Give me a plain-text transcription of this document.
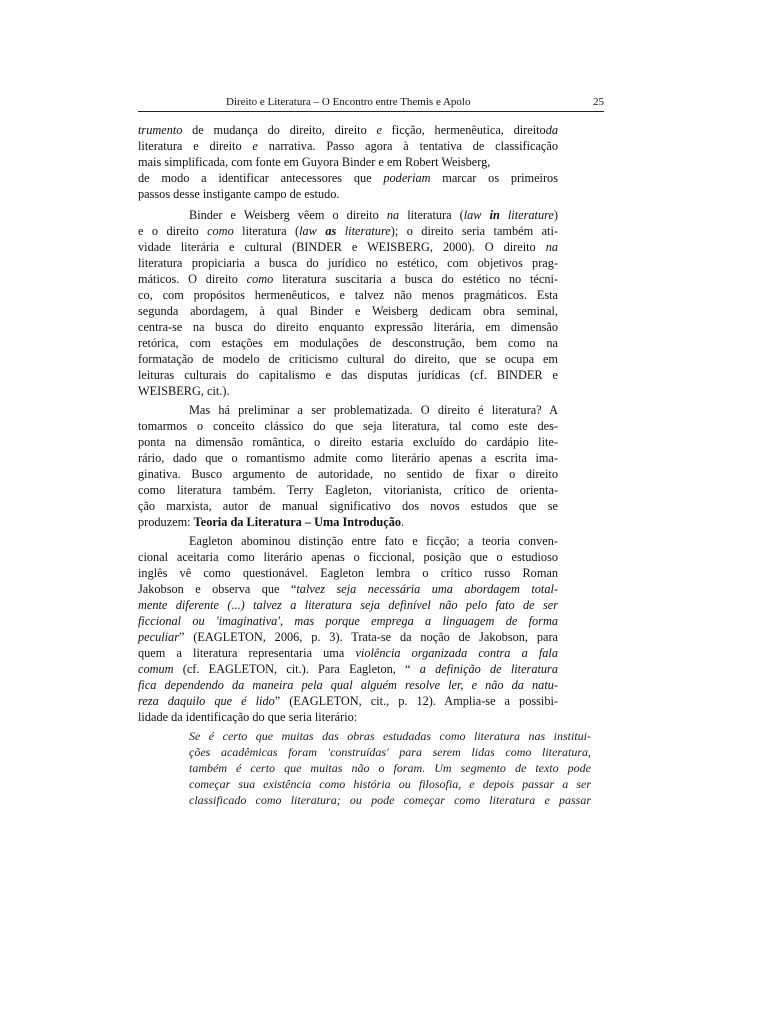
Direito e Literatura – O Encontro entre Themis e Apolo	25
trumento de mudança do direito, direito e ficção, hermenêutica, direitoda
literatura e direito e narrativa. Passo agora à tentativa de classificação
mais simplificada, com fonte em Guyora Binder e em Robert Weisberg,
de modo a identificar antecessores que poderiam marcar os primeiros
passos desse instigante campo de estudo.
Binder e Weisberg vêem o direito na literatura (law in literature)
e o direito como literatura (law as literature); o direito seria também ati-
vidade literária e cultural (BINDER e WEISBERG, 2000). O direito na
literatura propiciaria a busca do jurídico no estético, com objetivos prag-
máticos. O direito como literatura suscitaria a busca do estético no técni-
co, com propósitos hermenêuticos, e talvez não menos pragmáticos. Esta
segunda abordagem, à qual Binder e Weisberg dedicam obra seminal,
centra-se na busca do direito enquanto expressão literária, em dimensão
retórica, com estações em modulações de desconstrução, bem como na
formatação de modelo de criticismo cultural do direito, que se ocupa em
leituras culturais do capitalismo e das disputas jurídicas (cf. BINDER e
WEISBERG, cit.).
Mas há preliminar a ser problematizada. O direito é literatura? A
tomarmos o conceito clássico do que seja literatura, tal como este des-
ponta na dimensão romântica, o direito estaria excluído do cardápio lite-
rário, dado que o romantismo admite como literário apenas a escrita ima-
ginativa. Busco argumento de autoridade, no sentido de fixar o direito
como literatura também. Terry Eagleton, vitorianista, crítico de orienta-
ção marxista, autor de manual significativo dos novos estudos que se
produzem: Teoria da Literatura – Uma Introdução.
Eagleton abominou distinção entre fato e ficção; a teoria conven-
cional aceitaria como literário apenas o ficcional, posição que o estudioso
inglês vê como questionável. Eagleton lembra o crítico russo Roman
Jakobson e observa que “talvez seja necessária uma abordagem total-
mente diferente (...) talvez a literatura seja definível não pelo fato de ser
ficcional ou 'imaginativa', mas porque emprega a linguagem de forma
peculiar” (EAGLETON, 2006, p. 3). Trata-se da noção de Jakobson, para
quem a literatura representaria uma violência organizada contra a fala
comum (cf. EAGLETON, cit.). Para Eagleton, “ a definição de literatura
fica dependendo da maneira pela qual alguém resolve ler, e não da natu-
reza daquilo que é lido” (EAGLETON, cit., p. 12). Amplia-se a possibi-
lidade da identificação do que seria literário:
Se é certo que muitas das obras estudadas como literatura nas institui-
ções acadêmicas foram 'construídas' para serem lidas como literatura,
também é certo que muitas não o foram. Um segmento de texto pode
começar sua existência como história ou filosofia, e depois passar a ser
classificado como literatura; ou pode começar como literatura e passar
